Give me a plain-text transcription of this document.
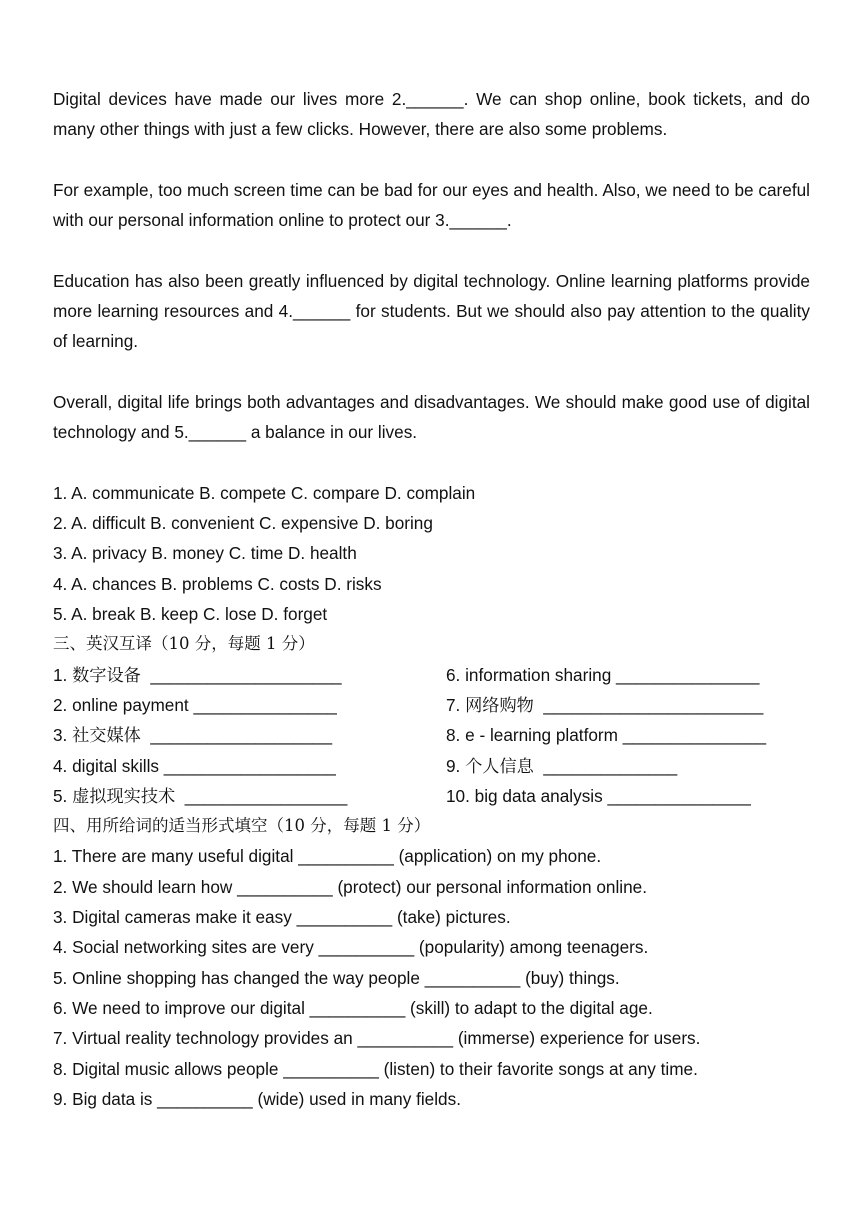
Digital devices have made our lives more 2.______. We can shop online, book tickets, and do many other things with just a few clicks. However, there are also some problems.

For example, too much screen time can be bad for our eyes and health. Also, we need to be careful with our personal information online to protect our 3.______.

Education has also been greatly influenced by digital technology. Online learning platforms provide more learning resources and 4.______ for students. But we should also pay attention to the quality of learning.

Overall, digital life brings both advantages and disadvantages. We should make good use of digital technology and 5.______ a balance in our lives.

1. A. communicate B. compete C. compare D. complain

2. A. difficult B. convenient C. expensive D. boring

3. A. privacy B. money C. time D. health

4. A. chances B. problems C. costs D. risks

5. A. break B. keep C. lose D. forget

三、英汉互译（10 分，每题 1 分）

1. 数字设备  ____________________	6. information sharing _______________

2. online payment _______________	7. 网络购物  _______________________

3. 社交媒体  ___________________	8. e - learning platform _______________

4. digital skills __________________	9. 个人信息  ______________

5. 虚拟现实技术  _________________	10. big data analysis _______________

四、用所给词的适当形式填空（10 分，每题 1 分）

1. There are many useful digital __________ (application) on my phone.

2. We should learn how __________ (protect) our personal information online.

3. Digital cameras make it easy __________ (take) pictures.

4. Social networking sites are very __________ (popularity) among teenagers.

5. Online shopping has changed the way people __________ (buy) things.

6. We need to improve our digital __________ (skill) to adapt to the digital age.

7. Virtual reality technology provides an __________ (immerse) experience for users.

8. Digital music allows people __________ (listen) to their favorite songs at any time.

9. Big data is __________ (wide) used in many fields.
